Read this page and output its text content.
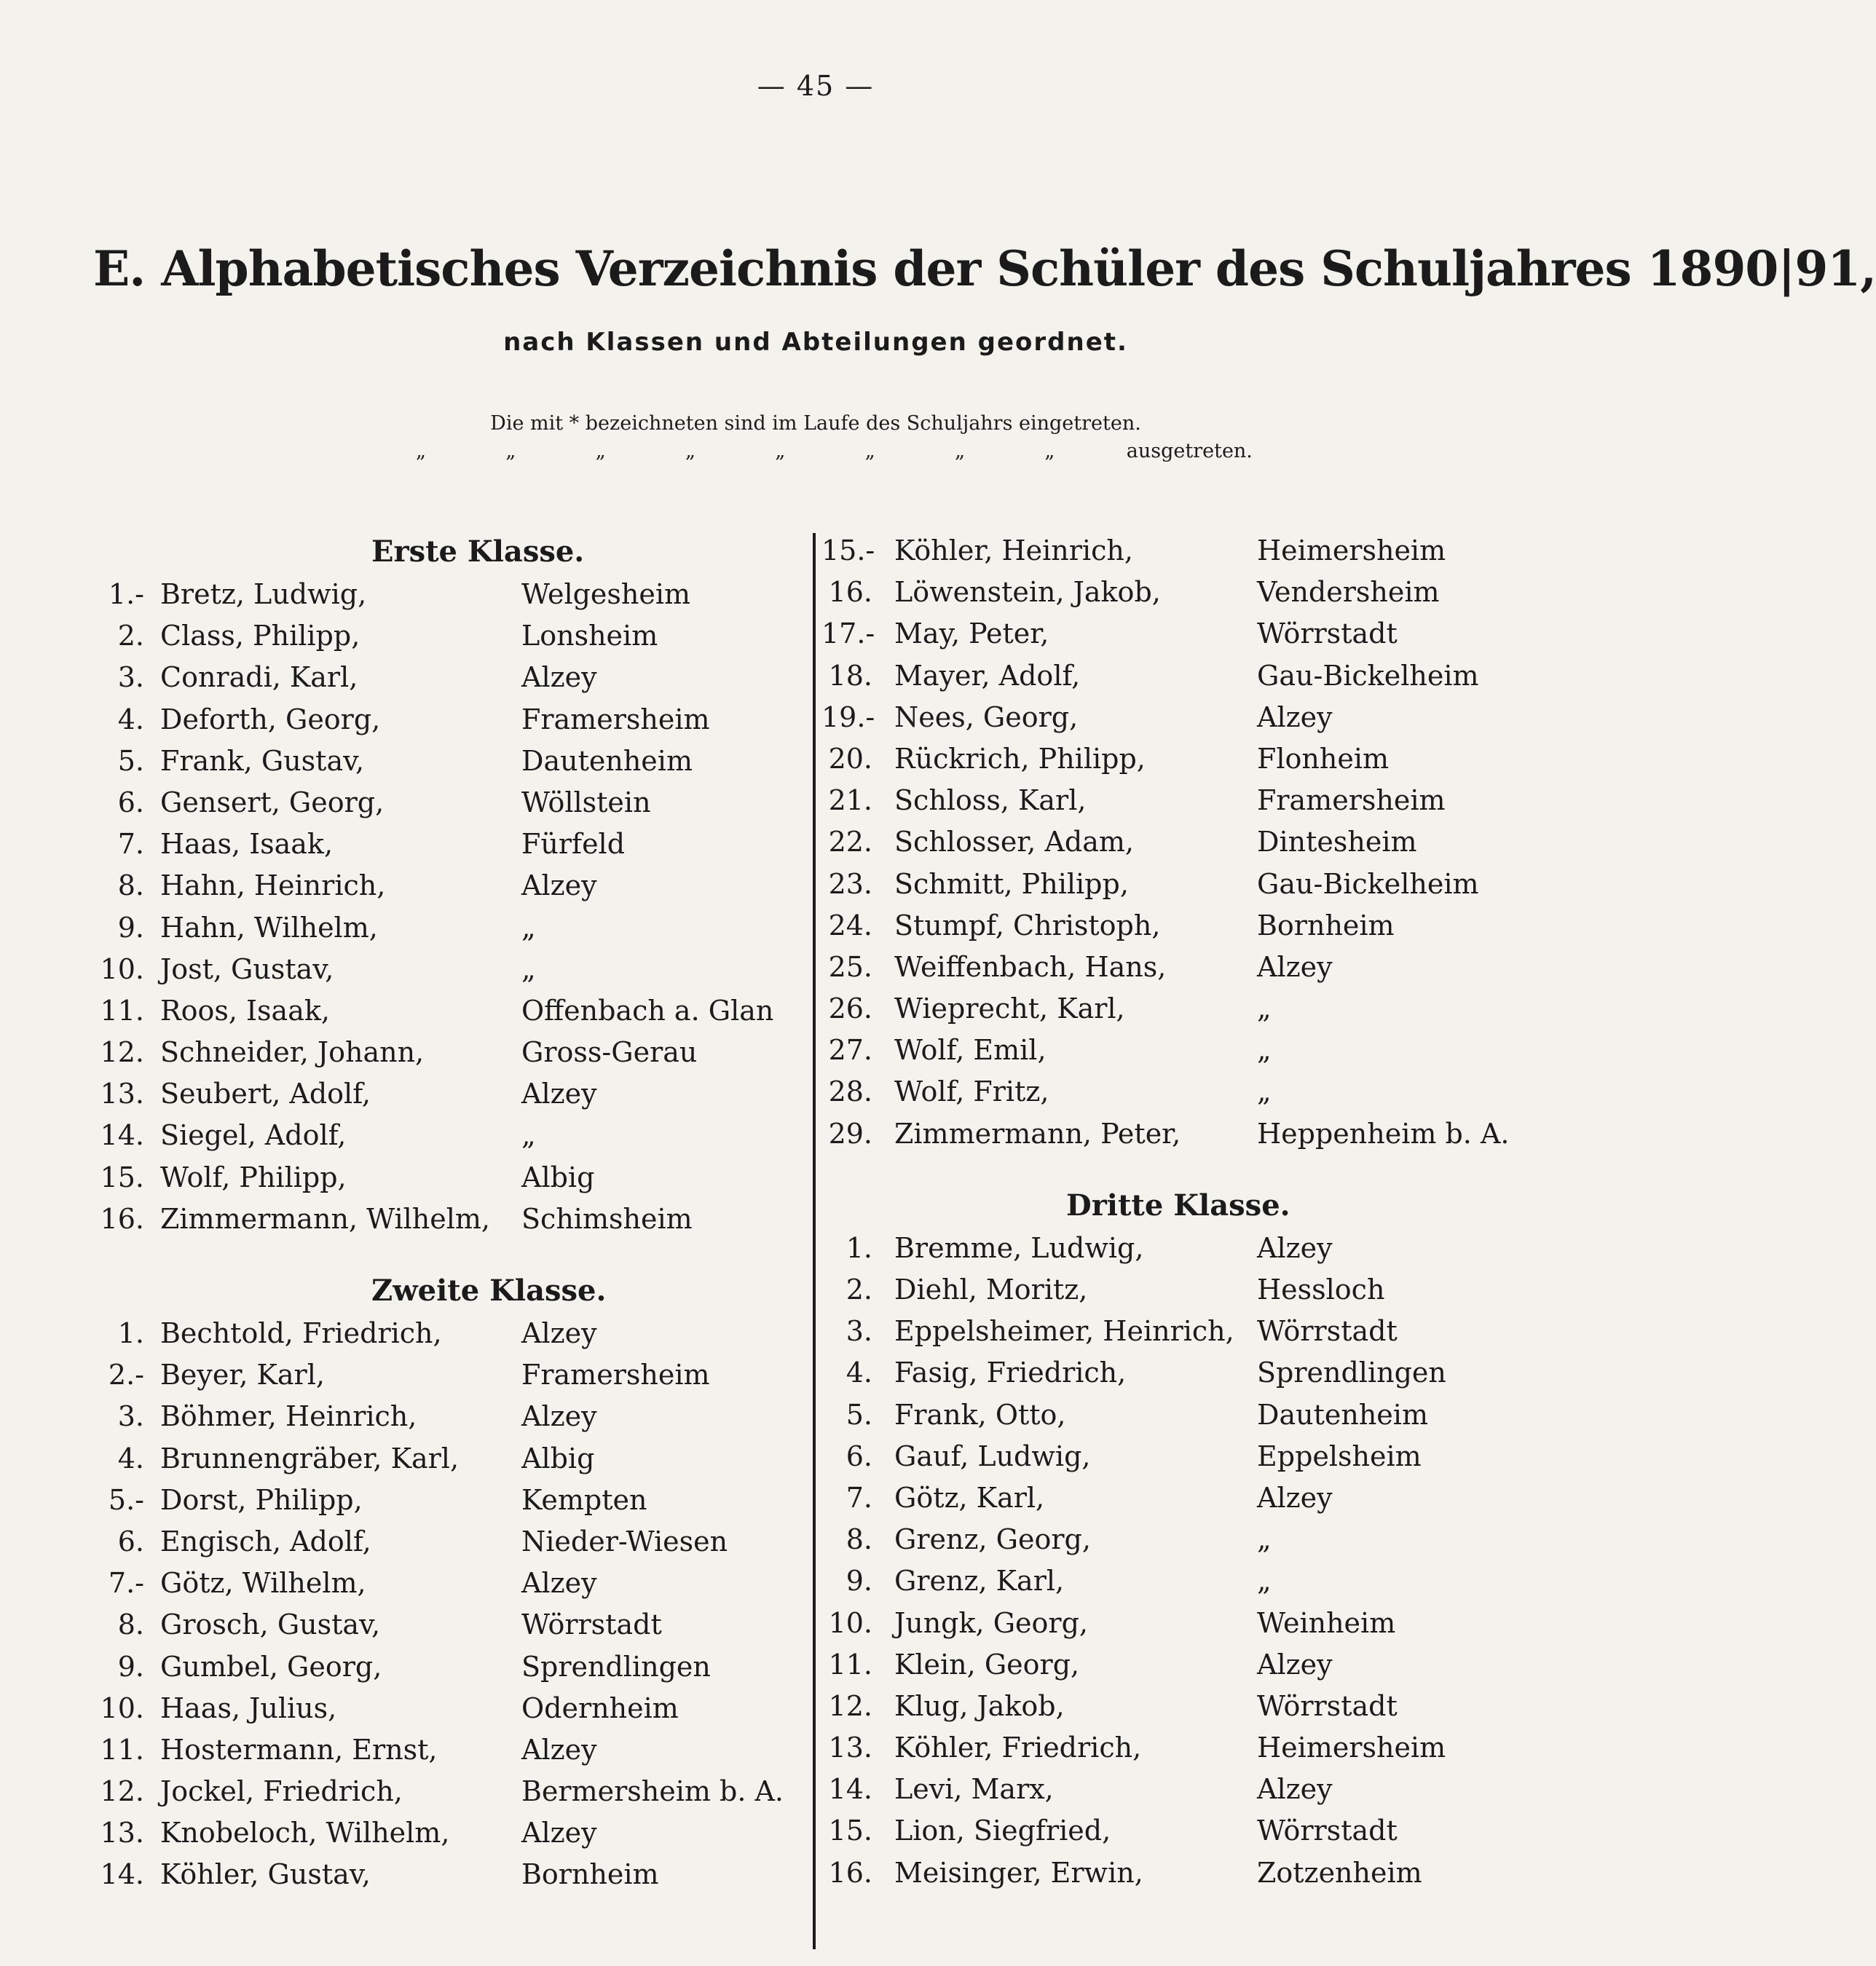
— 45 —
E. Alphabetisches Verzeichnis der Schüler des Schuljahres 1890|91,
nach Klassen und Abteilungen geordnet.
Die mit * bezeichneten sind im Laufe des Schuljahrs eingetreten.
„	„	„	„	„	„	„	„	ausgetreten.
Erste Klasse.
1.- Bretz, Ludwig,	Welgesheim
2. Class, Philipp,	Lonsheim
3. Conradi, Karl,	Alzey
4. Deforth, Georg,	Framersheim
5. Frank, Gustav,	Dautenheim
6. Gensert, Georg,	Wöllstein
7. Haas, Isaak,	Fürfeld
8. Hahn, Heinrich,	Alzey
9. Hahn, Wilhelm,	„
10. Jost, Gustav,	„
11. Roos, Isaak,	Offenbach a. Glan
12. Schneider, Johann,	Gross-Gerau
13. Seubert, Adolf,	Alzey
14. Siegel, Adolf,	„
15. Wolf, Philipp,	Albig
16. Zimmermann, Wilhelm, Schimsheim
Zweite Klasse.
1. Bechtold, Friedrich,	Alzey
2.- Beyer, Karl,	Framersheim
3. Böhmer, Heinrich,	Alzey
4. Brunnengräber, Karl, Albig
5.- Dorst, Philipp,	Kempten
6. Engisch, Adolf,	Nieder-Wiesen
7.- Götz, Wilhelm,	Alzey
8. Grosch, Gustav,	Wörrstadt
9. Gumbel, Georg,	Sprendlingen
10. Haas, Julius,	Odernheim
11. Hostermann, Ernst,	Alzey
12. Jockel, Friedrich,	Bermersheim b. A.
13. Knobeloch, Wilhelm,	Alzey
14. Köhler, Gustav,	Bornheim
15.- Köhler, Heinrich,	Heimersheim
16. Löwenstein, Jakob,	Vendersheim
17.- May, Peter,	Wörrstadt
18. Mayer, Adolf,	Gau-Bickelheim
19.- Nees, Georg,	Alzey
20. Rückrich, Philipp,	Flonheim
21. Schloss, Karl,	Framersheim
22. Schlosser, Adam,	Dintesheim
23. Schmitt, Philipp,	Gau-Bickelheim
24. Stumpf, Christoph,	Bornheim
25. Weiffenbach, Hans,	Alzey
26. Wieprecht, Karl,	„
27. Wolf, Emil,	„
28. Wolf, Fritz,	„
29. Zimmermann, Peter,	Heppenheim b. A.
Dritte Klasse.
1. Bremme, Ludwig,	Alzey
2. Diehl, Moritz,	Hessloch
3. Eppelsheimer, Heinrich, Wörrstadt
4. Fasig, Friedrich,	Sprendlingen
5. Frank, Otto,	Dautenheim
6. Gauf, Ludwig,	Eppelsheim
7. Götz, Karl,	Alzey
8. Grenz, Georg,	„
9. Grenz, Karl,	„
10. Jungk, Georg,	Weinheim
11. Klein, Georg,	Alzey
12. Klug, Jakob,	Wörrstadt
13. Köhler, Friedrich,	Heimersheim
14. Levi, Marx,	Alzey
15. Lion, Siegfried,	Wörrstadt
16. Meisinger, Erwin,	Zotzenheim
